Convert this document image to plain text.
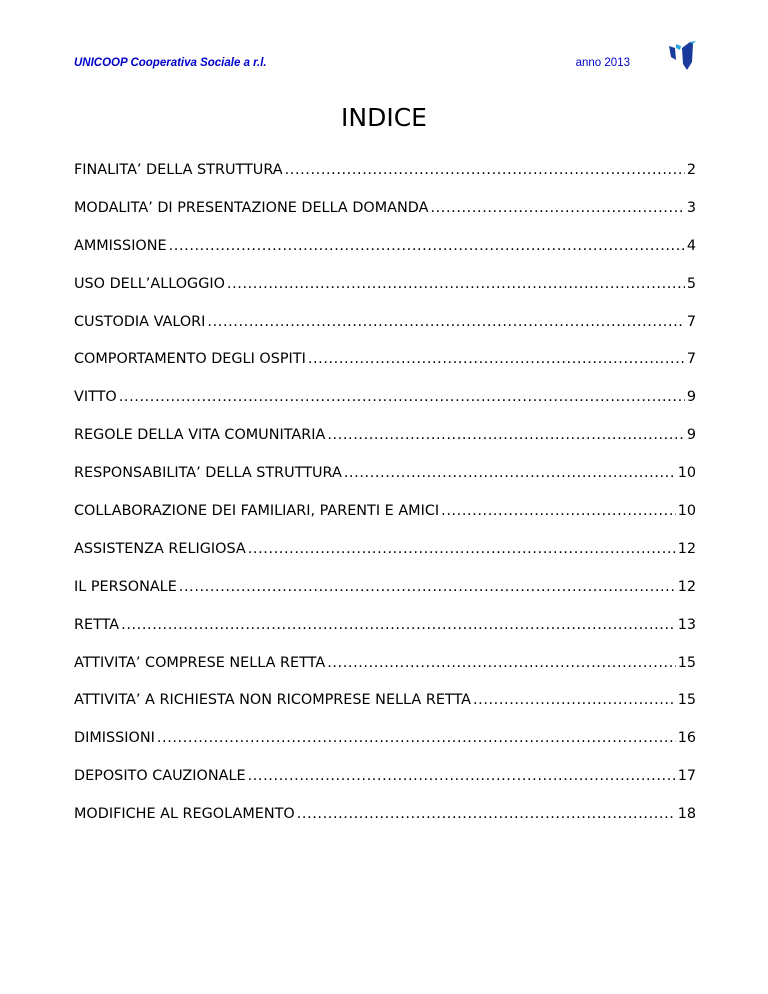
UNICOOP Cooperativa Sociale a r.l.	anno 2013
INDICE
FINALITA’ DELLA STRUTTURA .....	2
MODALITA’ DI PRESENTAZIONE DELLA DOMANDA .....	3
AMMISSIONE .....	4
USO DELL’ALLOGGIO .....	5
CUSTODIA VALORI .....	7
COMPORTAMENTO DEGLI OSPITI .....	7
VITTO .....	9
REGOLE DELLA VITA COMUNITARIA .....	9
RESPONSABILITA’ DELLA STRUTTURA .....	10
COLLABORAZIONE DEI FAMILIARI, PARENTI E AMICI .....	10
ASSISTENZA RELIGIOSA .....	12
IL PERSONALE .....	12
RETTA .....	13
ATTIVITA’ COMPRESE NELLA RETTA .....	15
ATTIVITA’ A RICHIESTA NON RICOMPRESE NELLA RETTA .....	15
DIMISSIONI .....	16
DEPOSITO CAUZIONALE .....	17
MODIFICHE AL REGOLAMENTO .....	18
